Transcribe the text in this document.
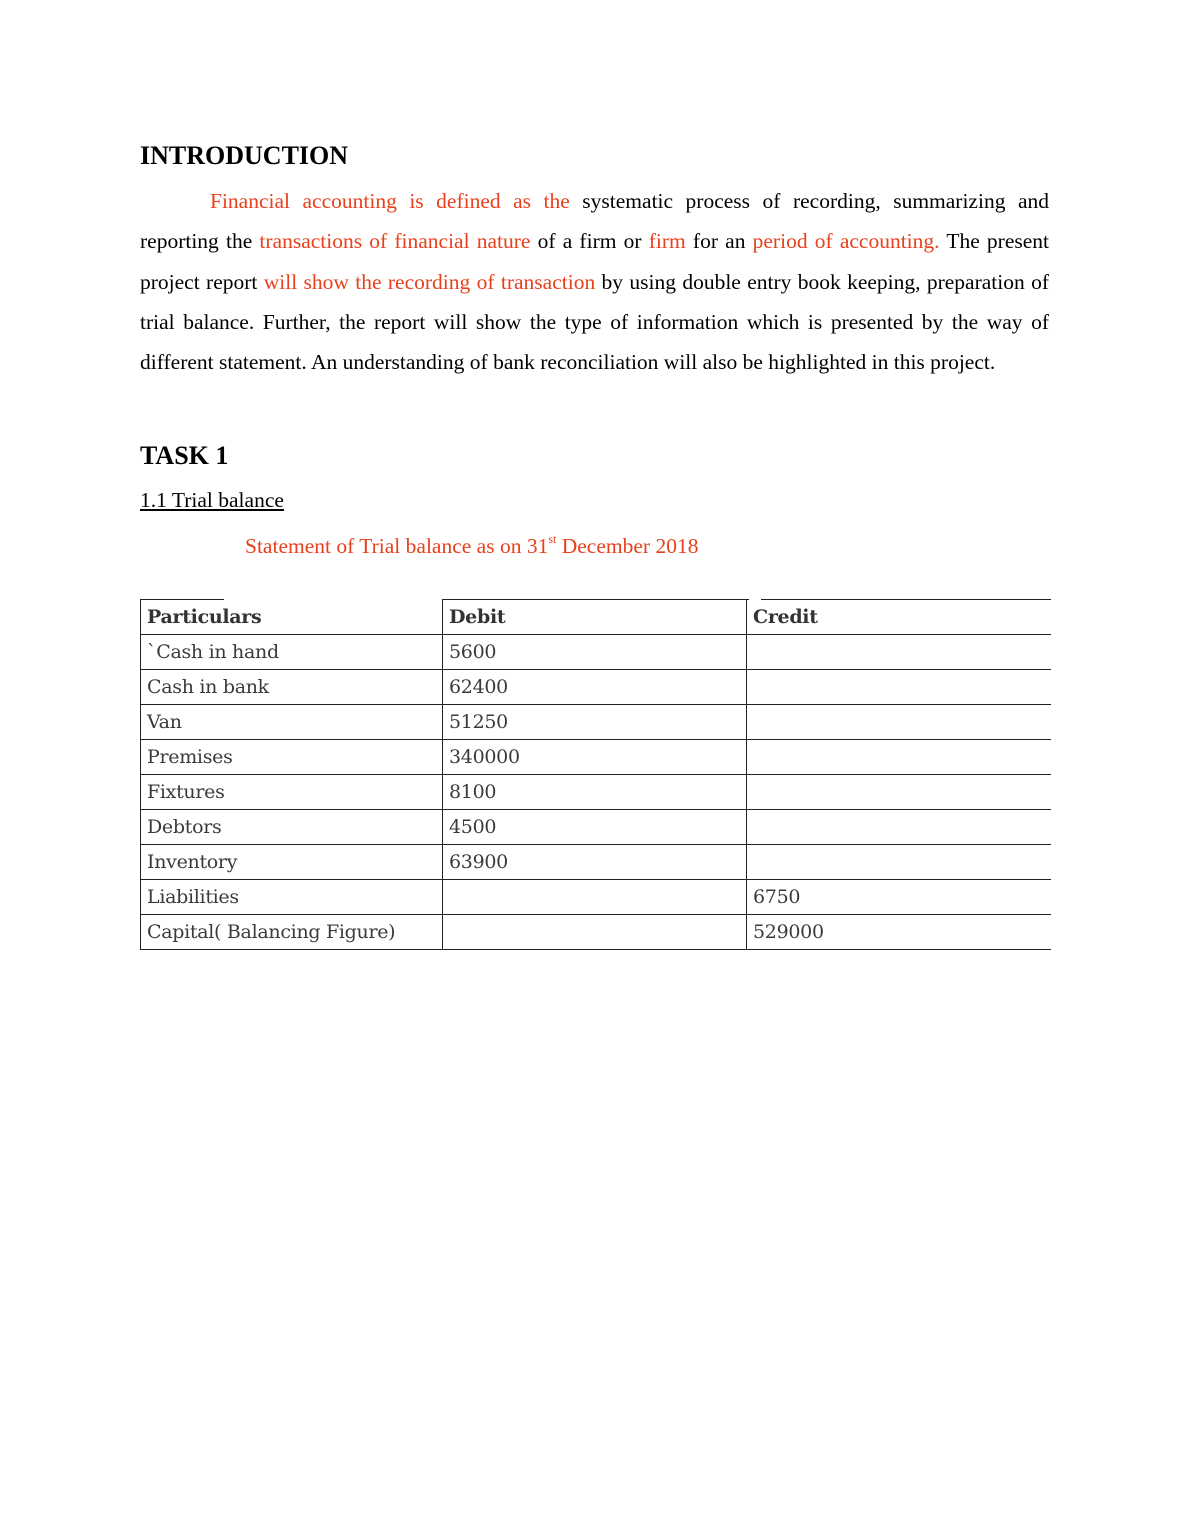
INTRODUCTION

Financial accounting is defined as the systematic process of recording, summarizing and reporting the transactions of financial nature of a firm or firm for an period of accounting. The present project report will show the recording of transaction by using double entry book keeping, preparation of trial balance. Further, the report will show the type of information which is presented by the way of different statement. An understanding of bank reconciliation will also be highlighted in this project.

TASK 1

1.1 Trial balance

Statement of Trial balance as on 31st December 2018

Particulars	Debit	Credit
`Cash in hand	5600	
Cash in bank	62400	
Van	51250	
Premises	340000	
Fixtures	8100	
Debtors	4500	
Inventory	63900	
Liabilities		6750
Capital( Balancing Figure)		529000
